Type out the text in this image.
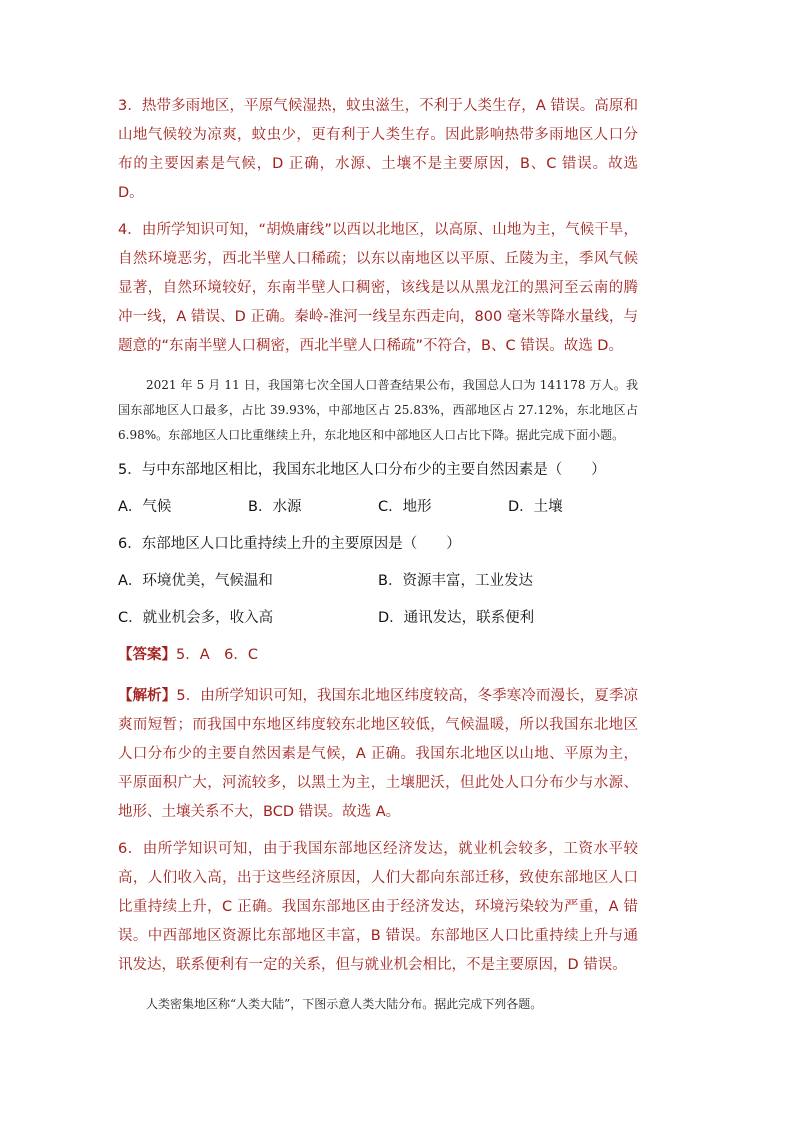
3．热带多雨地区，平原气候湿热，蚊虫滋生，不利于人类生存，A 错误。高原和山地气候较为凉爽，蚊虫少，更有利于人类生存。因此影响热带多雨地区人口分布的主要因素是气候，D 正确，水源、土壤不是主要原因，B、C 错误。故选 D。

4．由所学知识可知，“胡焕庸线”以西以北地区，以高原、山地为主，气候干旱，自然环境恶劣，西北半壁人口稀疏；以东以南地区以平原、丘陵为主，季风气候显著，自然环境较好，东南半壁人口稠密，该线是以从黑龙江的黑河至云南的腾冲一线，A 错误、D 正确。秦岭-淮河一线呈东西走向，800 毫米等降水量线，与题意的“东南半壁人口稠密，西北半壁人口稀疏”不符合，B、C 错误。故选 D。

2021 年 5 月 11 日，我国第七次全国人口普查结果公布，我国总人口为 141178 万人。我国东部地区人口最多，占比 39.93%，中部地区占 25.83%，西部地区占 27.12%，东北地区占 6.98%。东部地区人口比重继续上升，东北地区和中部地区人口占比下降。据此完成下面小题。

5．与中东部地区相比，我国东北地区人口分布少的主要自然因素是（　　）

A．气候	B．水源	C．地形	D．土壤

6．东部地区人口比重持续上升的主要原因是（　　）

A．环境优美，气候温和	B．资源丰富，工业发达
C．就业机会多，收入高	D．通讯发达，联系便利

【答案】5．A　6．C

【解析】5．由所学知识可知，我国东北地区纬度较高，冬季寒冷而漫长，夏季凉爽而短暂；而我国中东地区纬度较东北地区较低，气候温暖，所以我国东北地区人口分布少的主要自然因素是气候，A 正确。我国东北地区以山地、平原为主，平原面积广大，河流较多，以黑土为主，土壤肥沃，但此处人口分布少与水源、地形、土壤关系不大，BCD 错误。故选 A。

6．由所学知识可知，由于我国东部地区经济发达，就业机会较多，工资水平较高，人们收入高，出于这些经济原因，人们大都向东部迁移，致使东部地区人口比重持续上升，C 正确。我国东部地区由于经济发达，环境污染较为严重，A 错误。中西部地区资源比东部地区丰富，B 错误。东部地区人口比重持续上升与通讯发达，联系便利有一定的关系，但与就业机会相比，不是主要原因，D 错误。

人类密集地区称“人类大陆”，下图示意人类大陆分布。据此完成下列各题。
